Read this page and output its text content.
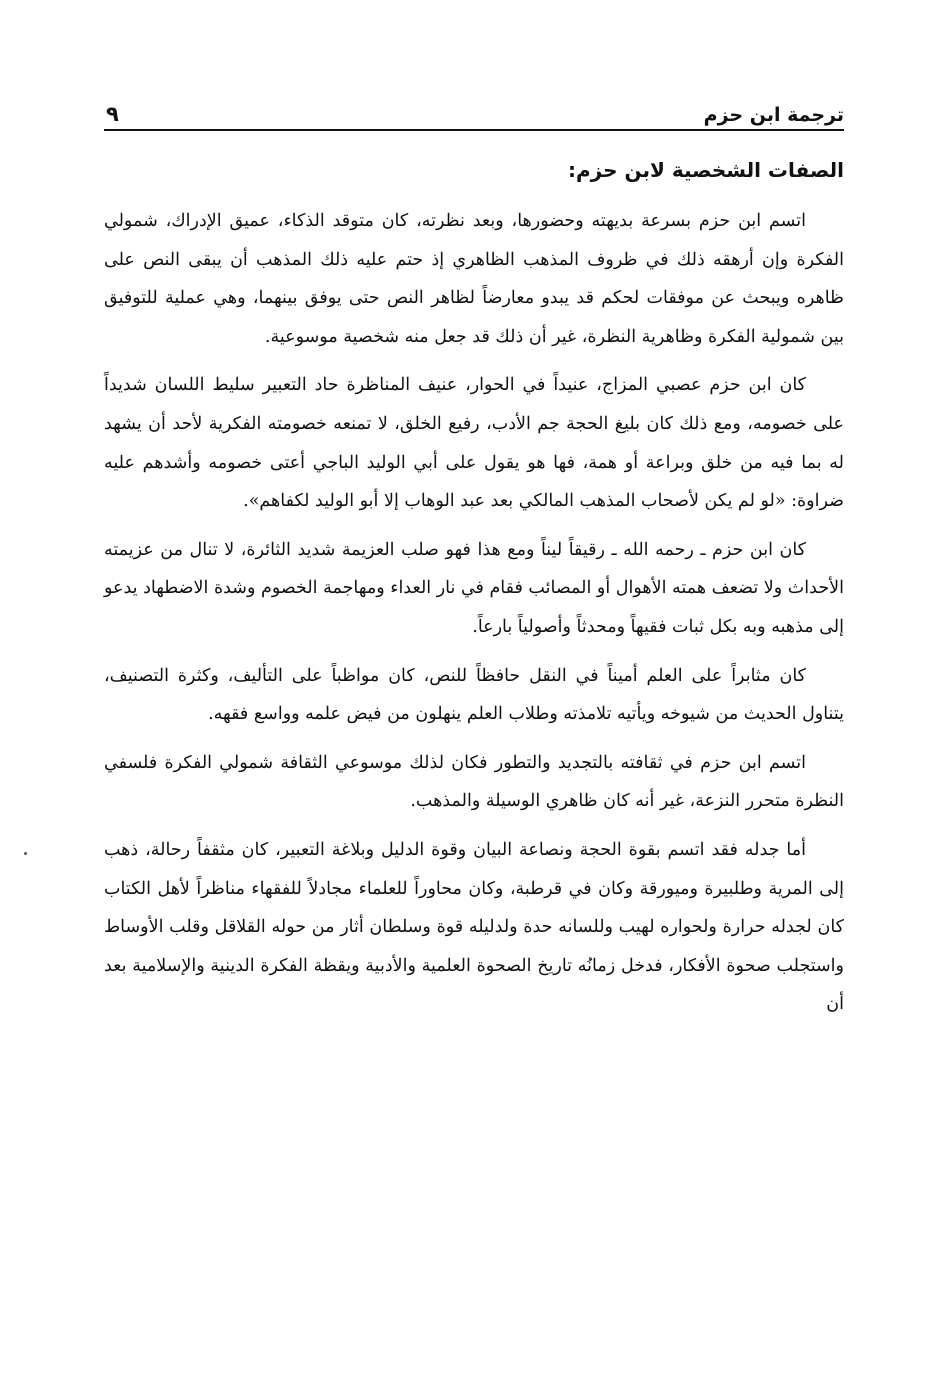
ترجمة ابن حزم
٩
الصفات الشخصية لابن حزم:

اتسم ابن حزم بسرعة بديهته وحضورها، وبعد نظرته، كان متوقد الذكاء، عميق الإدراك، شمولي الفكرة وإن أرهقه ذلك في ظروف المذهب الظاهري إذ حتم عليه ذلك المذهب أن يبقى النص على ظاهره ويبحث عن موفقات لحكم قد يبدو معارضاً لظاهر النص حتى يوفق بينهما، وهي عملية للتوفيق بين شمولية الفكرة وظاهرية النظرة، غير أن ذلك قد جعل منه شخصية موسوعية.

كان ابن حزم عصبي المزاج، عنيداً في الحوار، عنيف المناظرة حاد التعبير سليط اللسان شديداً على خصومه، ومع ذلك كان بليغ الحجة جم الأدب، رفيع الخلق، لا تمنعه خصومته الفكرية لأحد أن يشهد له بما فيه من خلق وبراعة أو همة، فها هو يقول على أبي الوليد الباجي أعتى خصومه وأشدهم عليه ضراوة: «لو لم يكن لأصحاب المذهب المالكي بعد عبد الوهاب إلا أبو الوليد لكفاهم».

كان ابن حزم ـ رحمه الله ـ رقيقاً ليناً ومع هذا فهو صلب العزيمة شديد الثائرة، لا تنال من عزيمته الأحداث ولا تضعف همته الأهوال أو المصائب فقام في نار العداء ومهاجمة الخصوم وشدة الاضطهاد يدعو إلى مذهبه وبه بكل ثبات فقيهاً ومحدثاً وأصولياً بارعاً.

كان مثابراً على العلم أميناً في النقل حافظاً للنص، كان مواظباً على التأليف، وكثرة التصنيف، يتناول الحديث من شيوخه ويأتيه تلامذته وطلاب العلم ينهلون من فيض علمه وواسع فقهه.

اتسم ابن حزم في ثقافته بالتجديد والتطور فكان لذلك موسوعي الثقافة شمولي الفكرة فلسفي النظرة متحرر النزعة، غير أنه كان ظاهري الوسيلة والمذهب.

أما جدله فقد اتسم بقوة الحجة ونصاعة البيان وقوة الدليل وبلاغة التعبير، كان مثقفاً رحالة، ذهب إلى المرية وطلبيرة وميورقة وكان في قرطبة، وكان محاوراً للعلماء مجادلاً للفقهاء مناظراً لأهل الكتاب كان لجدله حرارة ولحواره لهيب وللسانه حدة ولدليله قوة وسلطان أثار من حوله القلاقل وقلب الأوساط واستجلب صحوة الأفكار، فدخل زمانُه تاريخ الصحوة العلمية والأدبية ويقظة الفكرة الدينية والإسلامية بعد أن
